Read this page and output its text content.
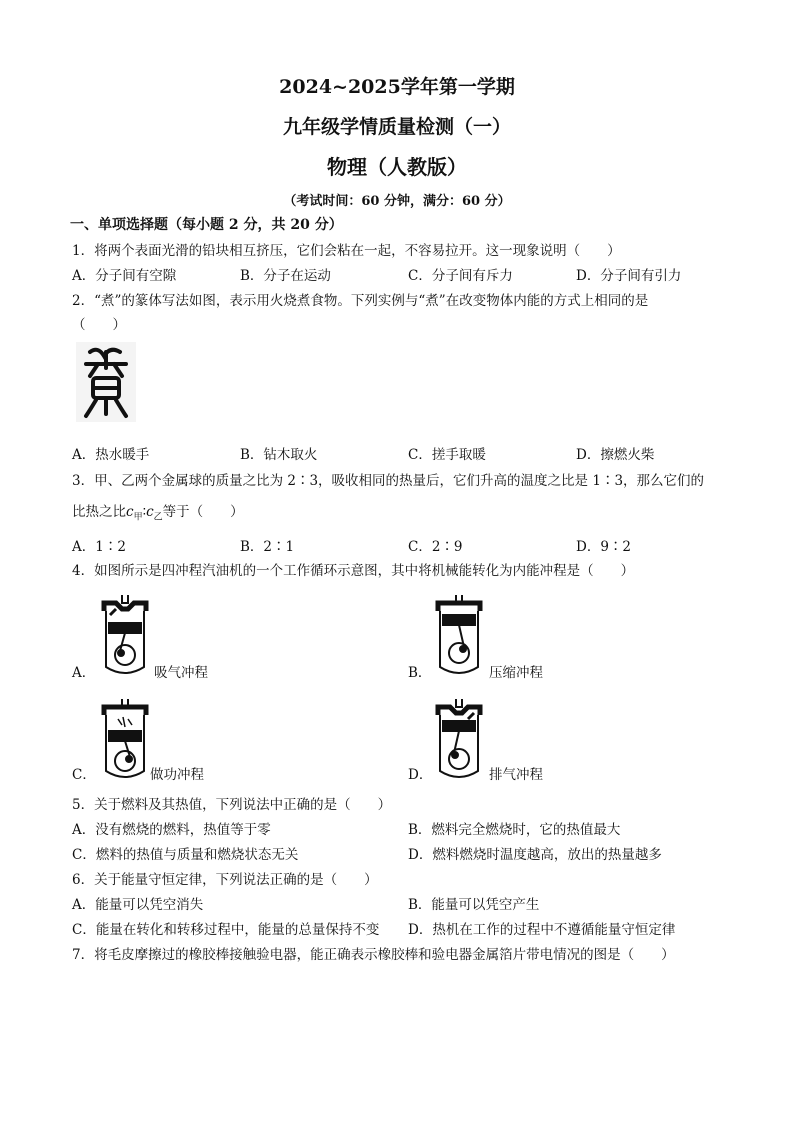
2024~2025学年第一学期
九年级学情质量检测（一）
物理（人教版）
（考试时间：60 分钟，满分：60 分）
一、单项选择题（每小题 2 分，共 20 分）
1．将两个表面光滑的铅块相互挤压，它们会粘在一起，不容易拉开。这一现象说明（　　）
A．分子间有空隙	B．分子在运动	C．分子间有斥力	D．分子间有引力
2．“煮”的篆体写法如图，表示用火烧煮食物。下列实例与“煮”在改变物体内能的方式上相同的是
（　　）
A．热水暖手	B．钻木取火	C．搓手取暖	D．擦燃火柴
3．甲、乙两个金属球的质量之比为 2∶3，吸收相同的热量后，它们升高的温度之比是 1∶3，那么它们的
比热之比$c_甲∶c_乙$等于（　　）
A．1∶2	B．2∶1	C．2∶9	D．9∶2
4．如图所示是四冲程汽油机的一个工作循环示意图，其中将机械能转化为内能冲程是（　　）
A．	吸气冲程	B．	压缩冲程
C．	做功冲程	D．	排气冲程
5．关于燃料及其热值，下列说法中正确的是（　　）
A．没有燃烧的燃料，热值等于零	B．燃料完全燃烧时，它的热值最大
C．燃料的热值与质量和燃烧状态无关	D．燃料燃烧时温度越高，放出的热量越多
6．关于能量守恒定律，下列说法正确的是（　　）
A．能量可以凭空消失	B．能量可以凭空产生
C．能量在转化和转移过程中，能量的总量保持不变 D．热机在工作的过程中不遵循能量守恒定律
7．将毛皮摩擦过的橡胶棒接触验电器，能正确表示橡胶棒和验电器金属箔片带电情况的图是（　　）
